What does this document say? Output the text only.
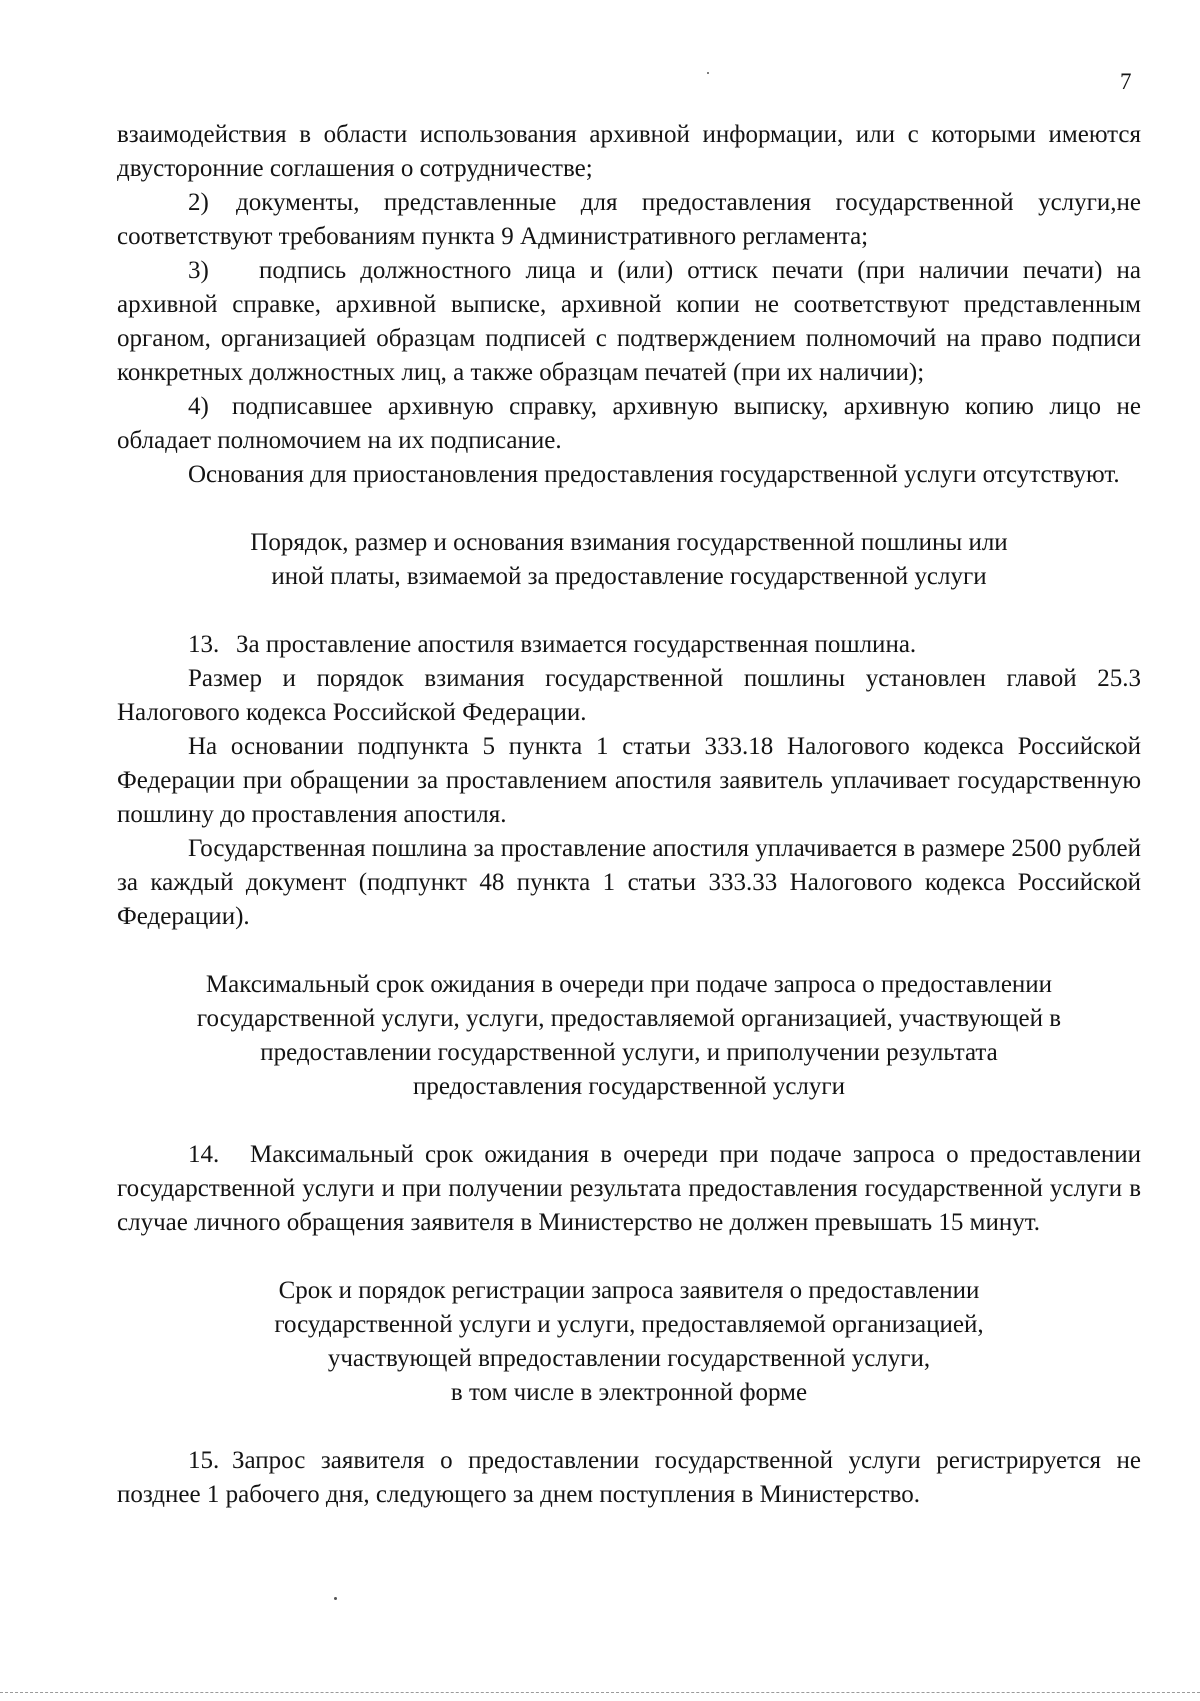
7

взаимодействия в области использования архивной информации, или с которыми имеются двусторонние соглашения о сотрудничестве;

2) документы, представленные для предоставления государственной услуги,не соответствуют требованиям пункта 9 Административного регламента;

3) подпись должностного лица и (или) оттиск печати (при наличии печати) на архивной справке, архивной выписке, архивной копии не соответствуют представленным органом, организацией образцам подписей с подтверждением полномочий на право подписи конкретных должностных лиц, а также образцам печатей (при их наличии);

4) подписавшее архивную справку, архивную выписку, архивную копию лицо не обладает полномочием на их подписание.

Основания для приостановления предоставления государственной услуги отсутствуют.

Порядок, размер и основания взимания государственной пошлины или

иной платы, взимаемой за предоставление государственной услуги

13. За проставление апостиля взимается государственная пошлина.

Размер и порядок взимания государственной пошлины установлен главой 25.3 Налогового кодекса Российской Федерации.

На основании подпункта 5 пункта 1 статьи 333.18 Налогового кодекса Российской Федерации при обращении за проставлением апостиля заявитель уплачивает государственную пошлину до проставления апостиля.

Государственная пошлина за проставление апостиля уплачивается в размере 2500 рублей за каждый документ (подпункт 48 пункта 1 статьи 333.33 Налогового кодекса Российской Федерации).

Максимальный срок ожидания в очереди при подаче запроса о предоставлении

государственной услуги, услуги, предоставляемой организацией, участвующей в

предоставлении государственной услуги, и приполучении результата

предоставления государственной услуги

14. Максимальный срок ожидания в очереди при подаче запроса о предоставлении государственной услуги и при получении результата предоставления государственной услуги в случае личного обращения заявителя в Министерство не должен превышать 15 минут.

Срок и порядок регистрации запроса заявителя о предоставлении

государственной услуги и услуги, предоставляемой организацией,

участвующей впредоставлении государственной услуги,

в том числе в электронной форме

15. Запрос заявителя о предоставлении государственной услуги регистрируется не позднее 1 рабочего дня, следующего за днем поступления в Министерство.
